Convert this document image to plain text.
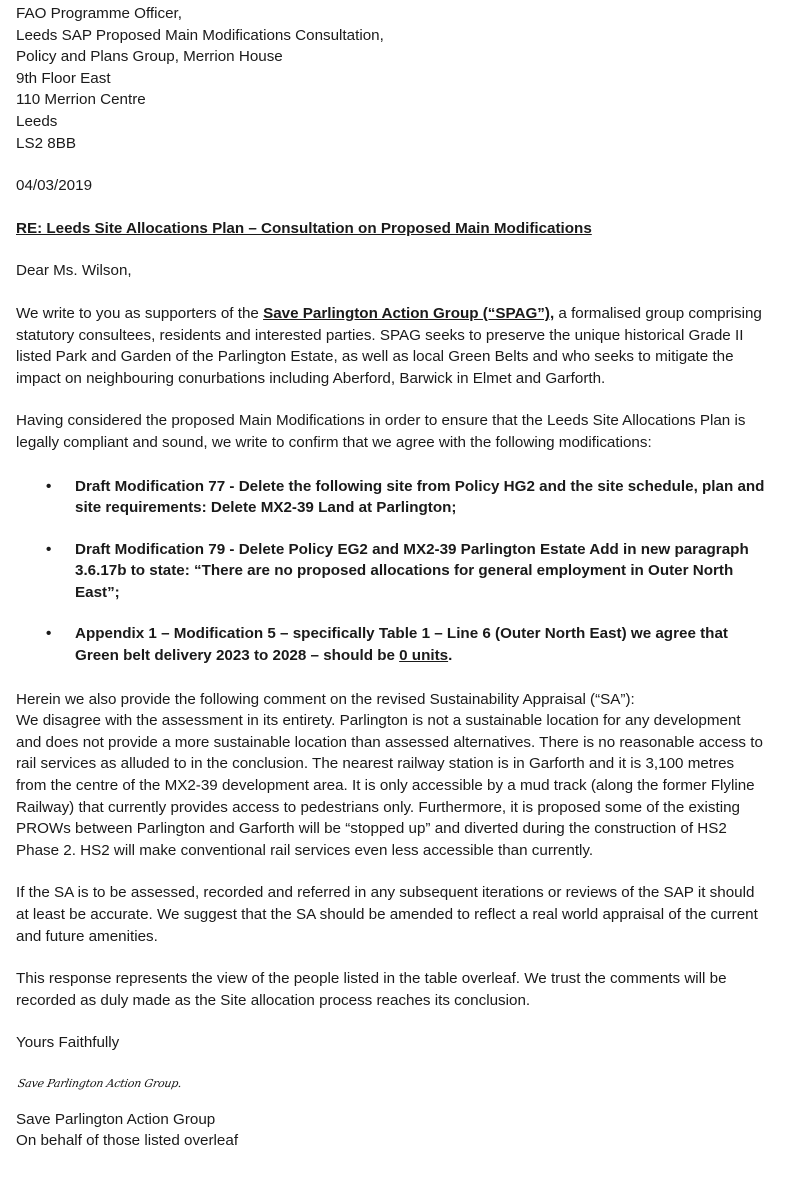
FAO Programme Officer,
Leeds SAP Proposed Main Modifications Consultation,
Policy and Plans Group, Merrion House
9th Floor East
110 Merrion Centre
Leeds
LS2 8BB

04/03/2019

RE: Leeds Site Allocations Plan – Consultation on Proposed Main Modifications

Dear Ms. Wilson,

We write to you as supporters of the Save Parlington Action Group (“SPAG”), a formalised group comprising statutory consultees, residents and interested parties. SPAG seeks to preserve the unique historical Grade II listed Park and Garden of the Parlington Estate, as well as local Green Belts and who seeks to mitigate the impact on neighbouring conurbations including Aberford, Barwick in Elmet and Garforth.

Having considered the proposed Main Modifications in order to ensure that the Leeds Site Allocations Plan is legally compliant and sound, we write to confirm that we agree with the following modifications:

• Draft Modification 77 - Delete the following site from Policy HG2 and the site schedule, plan and site requirements: Delete MX2-39 Land at Parlington;
• Draft Modification 79 - Delete Policy EG2 and MX2-39 Parlington Estate Add in new paragraph 3.6.17b to state: “There are no proposed allocations for general employment in Outer North East”;
• Appendix 1 – Modification 5 – specifically Table 1 – Line 6 (Outer North East) we agree that Green belt delivery 2023 to 2028 – should be 0 units.

Herein we also provide the following comment on the revised Sustainability Appraisal (“SA”):

We disagree with the assessment in its entirety. Parlington is not a sustainable location for any development and does not provide a more sustainable location than assessed alternatives. There is no reasonable access to rail services as alluded to in the conclusion. The nearest railway station is in Garforth and it is 3,100 metres from the centre of the MX2-39 development area. It is only accessible by a mud track (along the former Flyline Railway) that currently provides access to pedestrians only. Furthermore, it is proposed some of the existing PROWs between Parlington and Garforth will be “stopped up” and diverted during the construction of HS2 Phase 2. HS2 will make conventional rail services even less accessible than currently.

If the SA is to be assessed, recorded and referred in any subsequent iterations or reviews of the SAP it should at least be accurate. We suggest that the SA should be amended to reflect a real world appraisal of the current and future amenities.

This response represents the view of the people listed in the table overleaf. We trust the comments will be recorded as duly made as the Site allocation process reaches its conclusion.

Yours Faithfully

Save Parlington Action Group.

Save Parlington Action Group

On behalf of those listed overleaf
